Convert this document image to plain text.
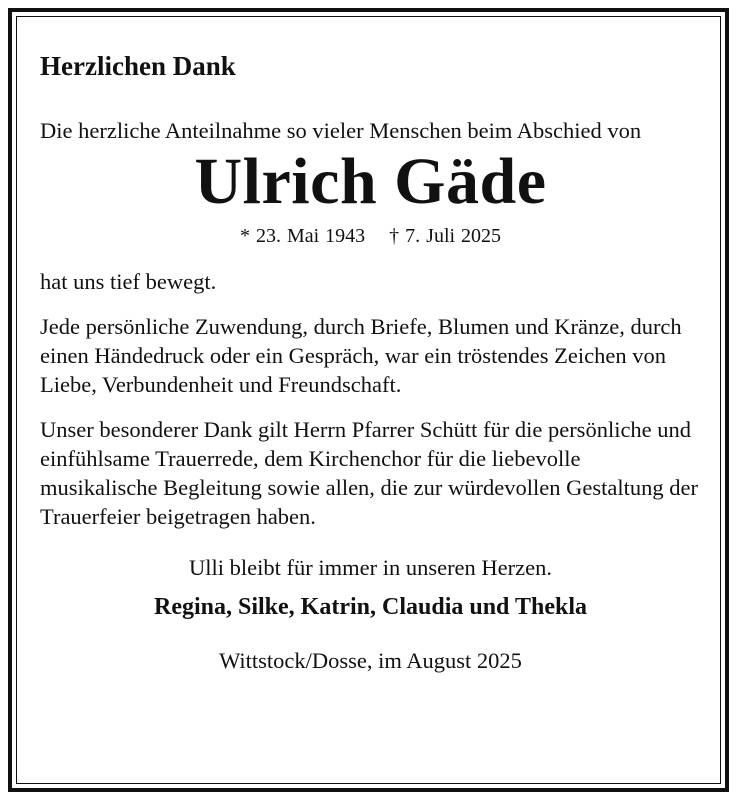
Herzlichen Dank

Die herzliche Anteilnahme so vieler Menschen beim Abschied von

Ulrich Gäde
* 23. Mai 1943 † 7. Juli 2025

hat uns tief bewegt.

Jede persönliche Zuwendung, durch Briefe, Blumen und Kränze, durch einen Händedruck oder ein Gespräch, war ein tröstendes Zeichen von Liebe, Verbundenheit und Freundschaft.

Unser besonderer Dank gilt Herrn Pfarrer Schütt für die persönliche und einfühlsame Trauerrede, dem Kirchenchor für die liebevolle musikalische Begleitung sowie allen, die zur würdevollen Gestaltung der Trauerfeier beigetragen haben.

Ulli bleibt für immer in unseren Herzen.

Regina, Silke, Katrin, Claudia und Thekla

Wittstock/Dosse, im August 2025
